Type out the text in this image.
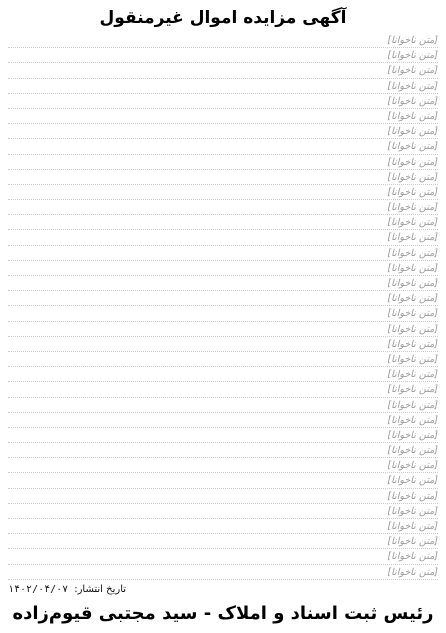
آگهی مزایده اموال غیرمنقول
[متن ناخوانا]
[متن ناخوانا]
[متن ناخوانا]
[متن ناخوانا]
[متن ناخوانا]
[متن ناخوانا]
[متن ناخوانا]
[متن ناخوانا]
[متن ناخوانا]
[متن ناخوانا]
[متن ناخوانا]
[متن ناخوانا]
[متن ناخوانا]
[متن ناخوانا]
[متن ناخوانا]
[متن ناخوانا]
[متن ناخوانا]
[متن ناخوانا]
[متن ناخوانا]
[متن ناخوانا]
[متن ناخوانا]
[متن ناخوانا]
[متن ناخوانا]
[متن ناخوانا]
[متن ناخوانا]
[متن ناخوانا]
[متن ناخوانا]
[متن ناخوانا]
[متن ناخوانا]
[متن ناخوانا]
[متن ناخوانا]
[متن ناخوانا]
[متن ناخوانا]
[متن ناخوانا]
[متن ناخوانا]
[متن ناخوانا]
تاریخ انتشار:
۱۴۰۲/۰۴/۰۷
رئیس ثبت اسناد و املاک - سید مجتبی قیوم‌زاده
